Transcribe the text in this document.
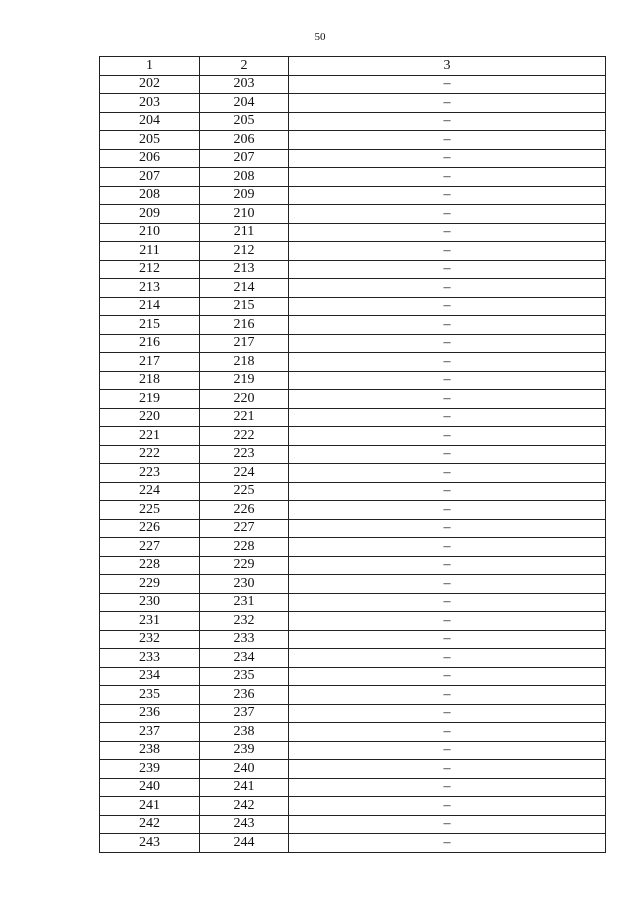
50
1	2	3
202	203	–
203	204	–
204	205	–
205	206	–
206	207	–
207	208	–
208	209	–
209	210	–
210	211	–
211	212	–
212	213	–
213	214	–
214	215	–
215	216	–
216	217	–
217	218	–
218	219	–
219	220	–
220	221	–
221	222	–
222	223	–
223	224	–
224	225	–
225	226	–
226	227	–
227	228	–
228	229	–
229	230	–
230	231	–
231	232	–
232	233	–
233	234	–
234	235	–
235	236	–
236	237	–
237	238	–
238	239	–
239	240	–
240	241	–
241	242	–
242	243	–
243	244	–
